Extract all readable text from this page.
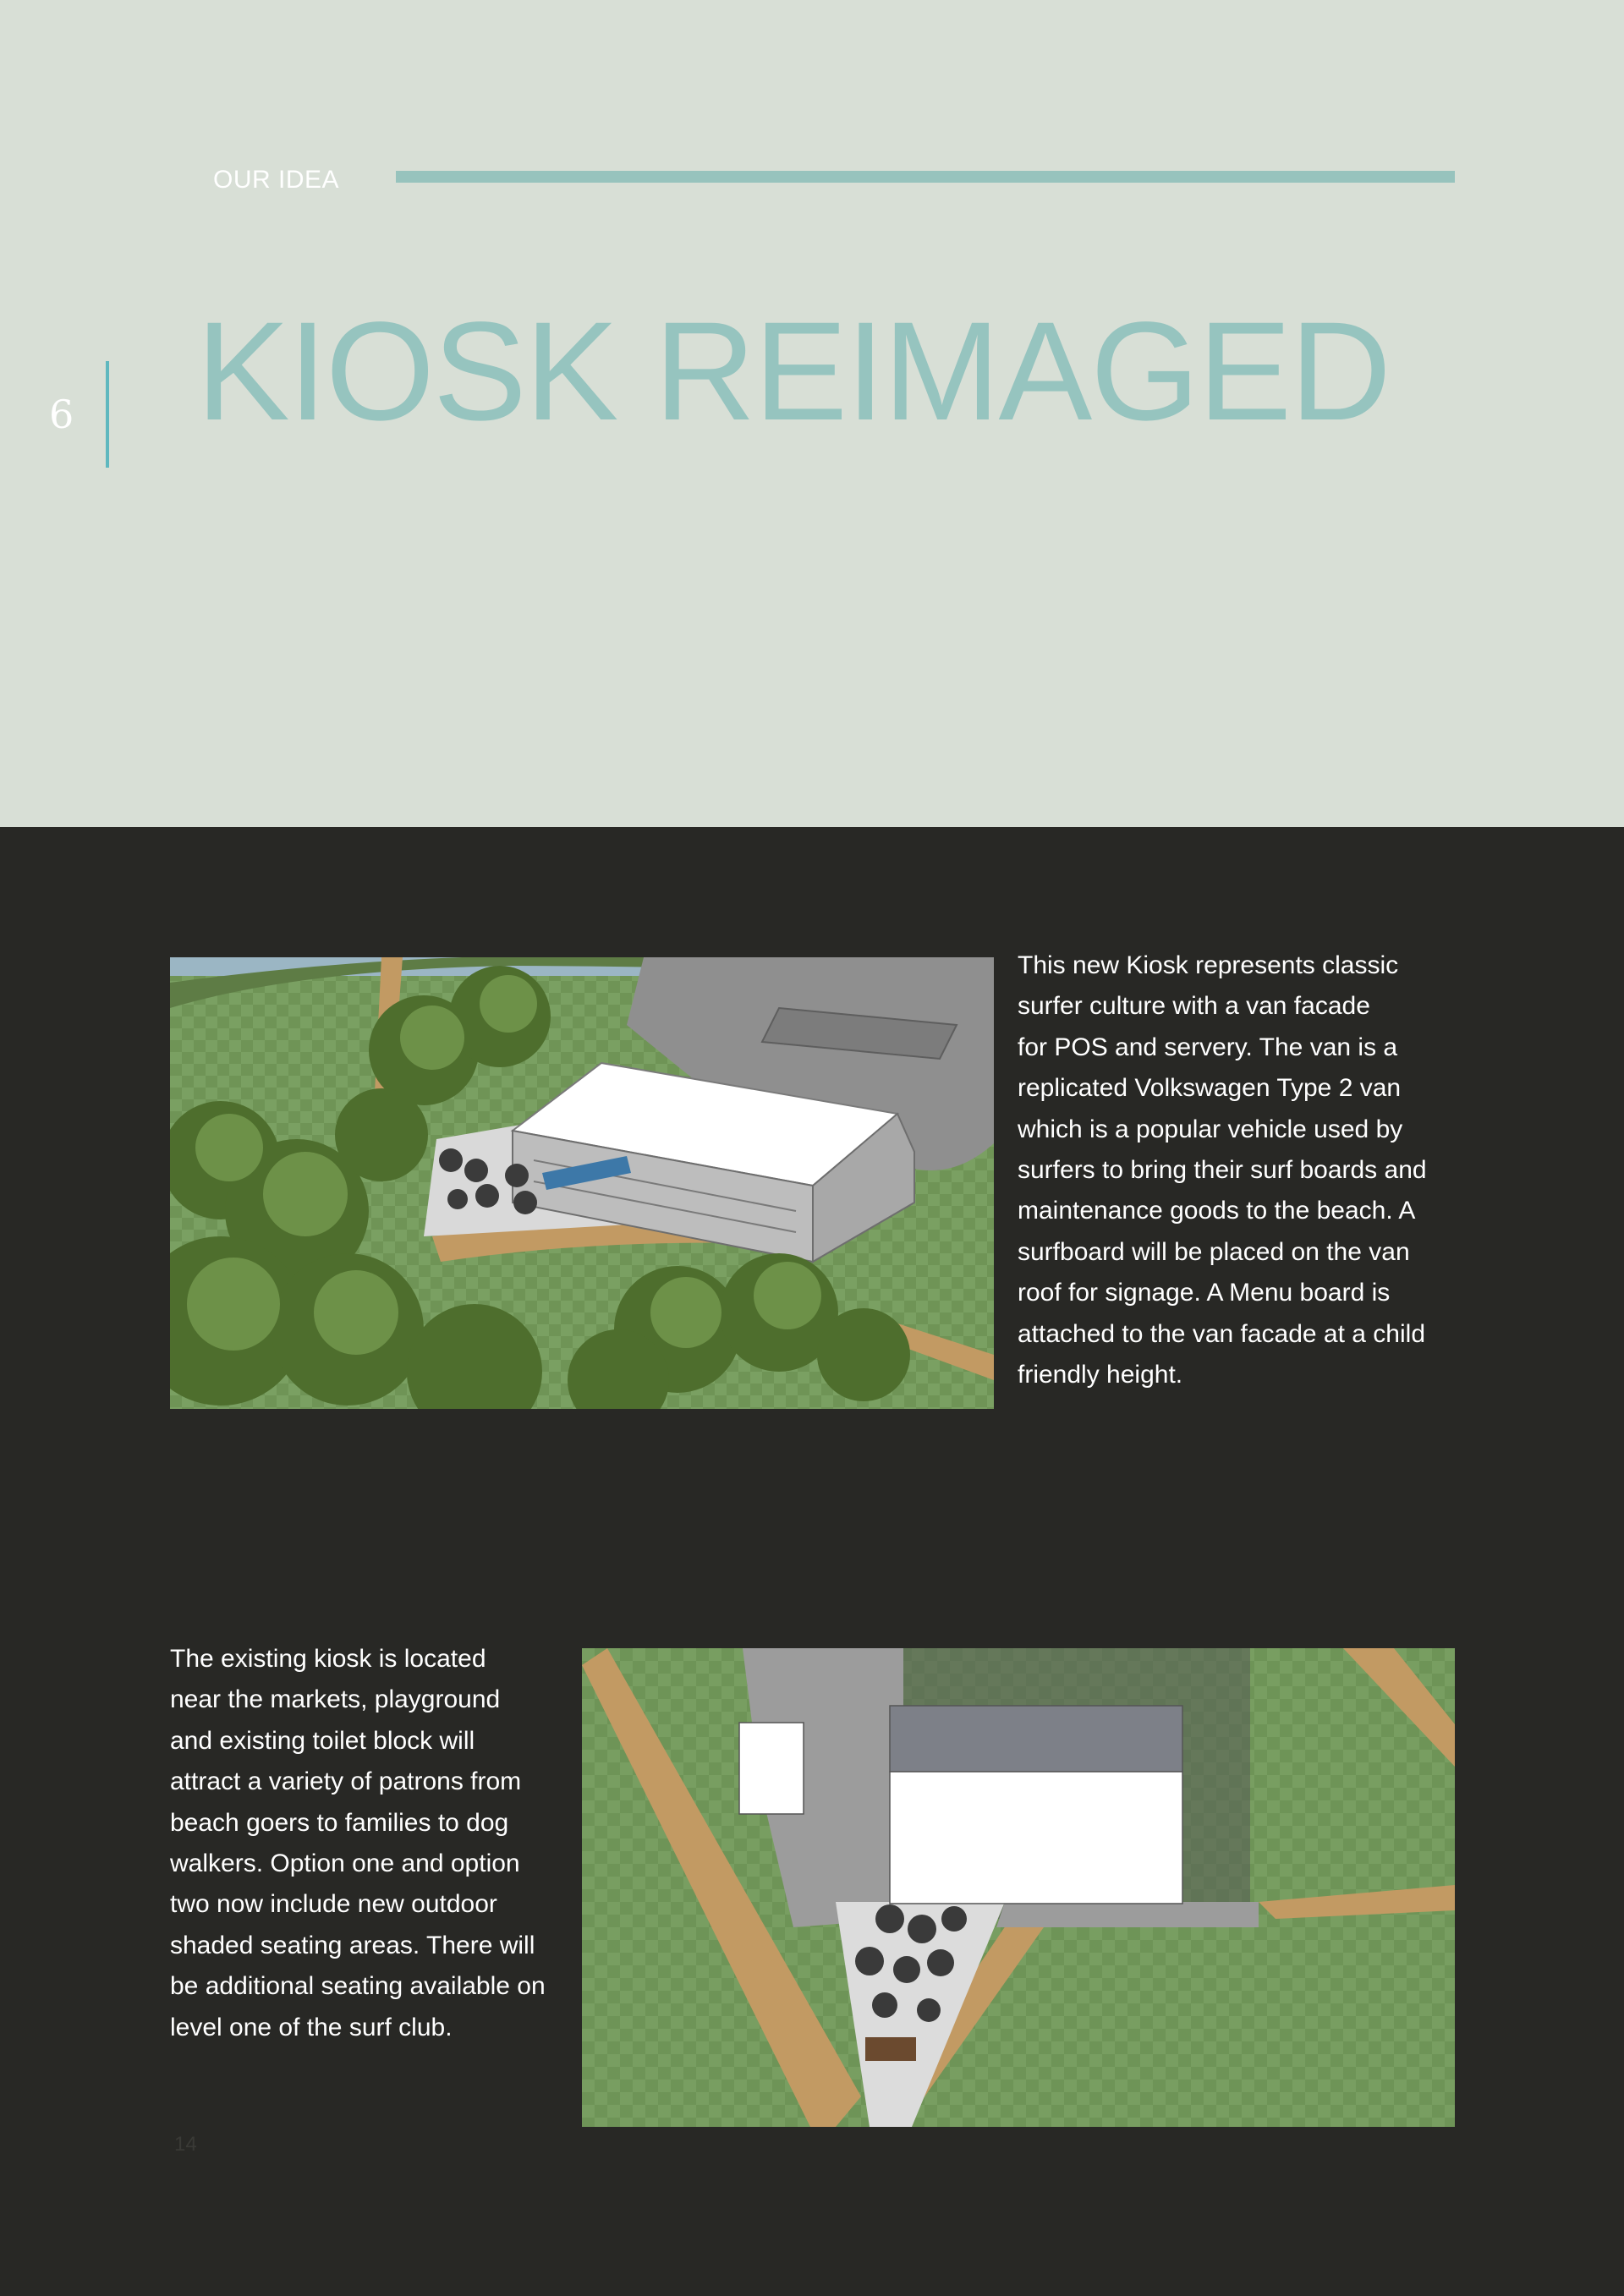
OUR IDEA
6 KIOSK REIMAGED

This new Kiosk represents classic
surfer culture with a van facade
for POS and servery. The van is a
replicated Volkswagen Type 2 van
which is a popular vehicle used by
surfers to bring their surf boards and
maintenance goods to the beach. A
surfboard will be placed on the van
roof for signage. A Menu board is
attached to the van facade at a child
friendly height.

The existing kiosk is located
near the markets, playground
and existing toilet block will
attract a variety of patrons from
beach goers to families to dog
walkers. Option one and option
two now include new outdoor
shaded seating areas. There will
be additional seating available on
level one of the surf club.

14
